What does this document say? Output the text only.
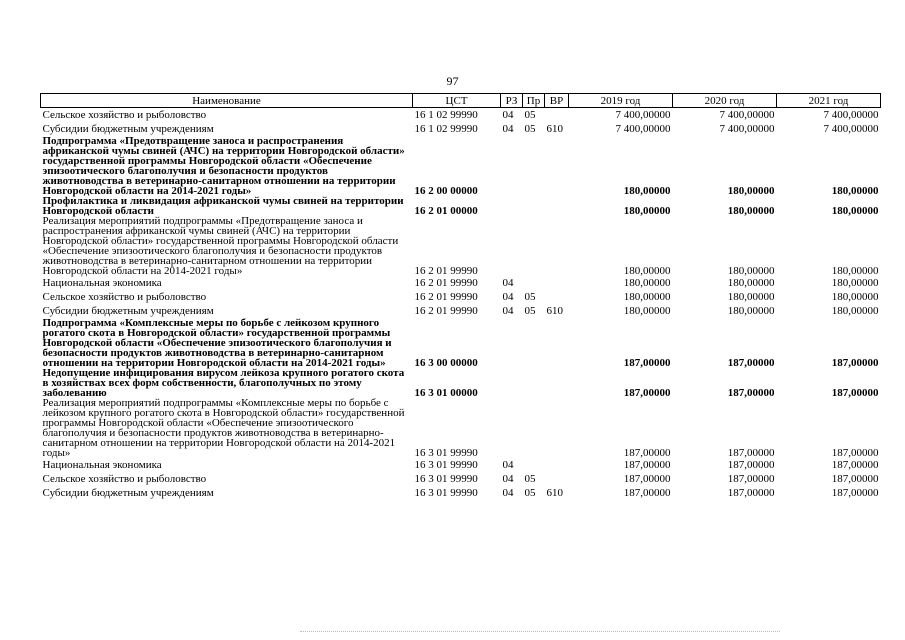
97
Наименование	ЦСТ	РЗ	Пр	ВР	2019 год	2020 год	2021 год
Сельское хозяйство и рыболовство	16 1 02 99990	04	05		7 400,00000	7 400,00000	7 400,00000
Субсидии бюджетным учреждениям	16 1 02 99990	04	05	610	7 400,00000	7 400,00000	7 400,00000
Подпрограмма «Предотвращение заноса и распространения африканской чумы свиней (АЧС) на территории Новгородской области» государственной программы Новгородской области «Обеспечение эпизоотического благополучия и безопасности продуктов животноводства в ветеринарно-санитарном отношении на территории Новгородской области на 2014-2021 годы»	16 2 00 00000				180,00000	180,00000	180,00000
Профилактика и ликвидация африканской чумы свиней на территории Новгородской области	16 2 01 00000				180,00000	180,00000	180,00000
Реализация мероприятий подпрограммы «Предотвращение заноса и распространения африканской чумы свиней (АЧС) на территории Новгородской области» государственной программы Новгородской области «Обеспечение эпизоотического благополучия и безопасности продуктов животноводства в ветеринарно-санитарном отношении на территории Новгородской области на 2014-2021 годы»	16 2 01 99990				180,00000	180,00000	180,00000
Национальная экономика	16 2 01 99990	04			180,00000	180,00000	180,00000
Сельское хозяйство и рыболовство	16 2 01 99990	04	05		180,00000	180,00000	180,00000
Субсидии бюджетным учреждениям	16 2 01 99990	04	05	610	180,00000	180,00000	180,00000
Подпрограмма «Комплексные меры по борьбе с лейкозом крупного рогатого скота в Новгородской области» государственной программы Новгородской области «Обеспечение эпизоотического благополучия и безопасности продуктов животноводства в ветеринарно-санитарном отношении на территории Новгородской области на 2014-2021 годы»	16 3 00 00000				187,00000	187,00000	187,00000
Недопущение инфицирования вирусом лейкоза крупного рогатого скота в хозяйствах всех форм собственности, благополучных по этому заболеванию	16 3 01 00000				187,00000	187,00000	187,00000
Реализация мероприятий подпрограммы «Комплексные меры по борьбе с лейкозом крупного рогатого скота в Новгородской области» государственной программы Новгородской области «Обеспечение эпизоотического благополучия и безопасности продуктов животноводства в ветеринарно-санитарном отношении на территории Новгородской области на 2014-2021 годы»	16 3 01 99990				187,00000	187,00000	187,00000
Национальная экономика	16 3 01 99990	04			187,00000	187,00000	187,00000
Сельское хозяйство и рыболовство	16 3 01 99990	04	05		187,00000	187,00000	187,00000
Субсидии бюджетным учреждениям	16 3 01 99990	04	05	610	187,00000	187,00000	187,00000
